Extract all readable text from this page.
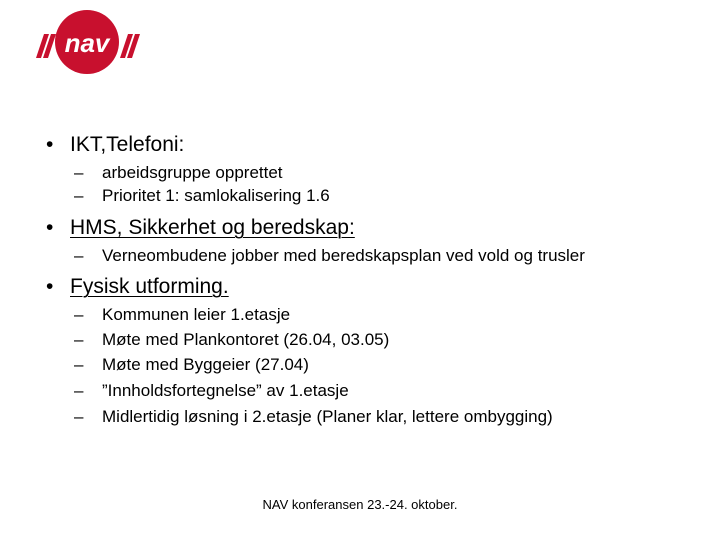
nav
• IKT,Telefoni:
– arbeidsgruppe opprettet
– Prioritet 1: samlokalisering 1.6
• HMS, Sikkerhet og beredskap:
– Verneombudene jobber med beredskapsplan ved vold og trusler
• Fysisk utforming.
– Kommunen leier 1.etasje
– Møte med Plankontoret (26.04, 03.05)
– Møte med Byggeier (27.04)
– ”Innholdsfortegnelse” av 1.etasje
– Midlertidig løsning i 2.etasje (Planer klar, lettere ombygging)
NAV konferansen 23.-24. oktober.
